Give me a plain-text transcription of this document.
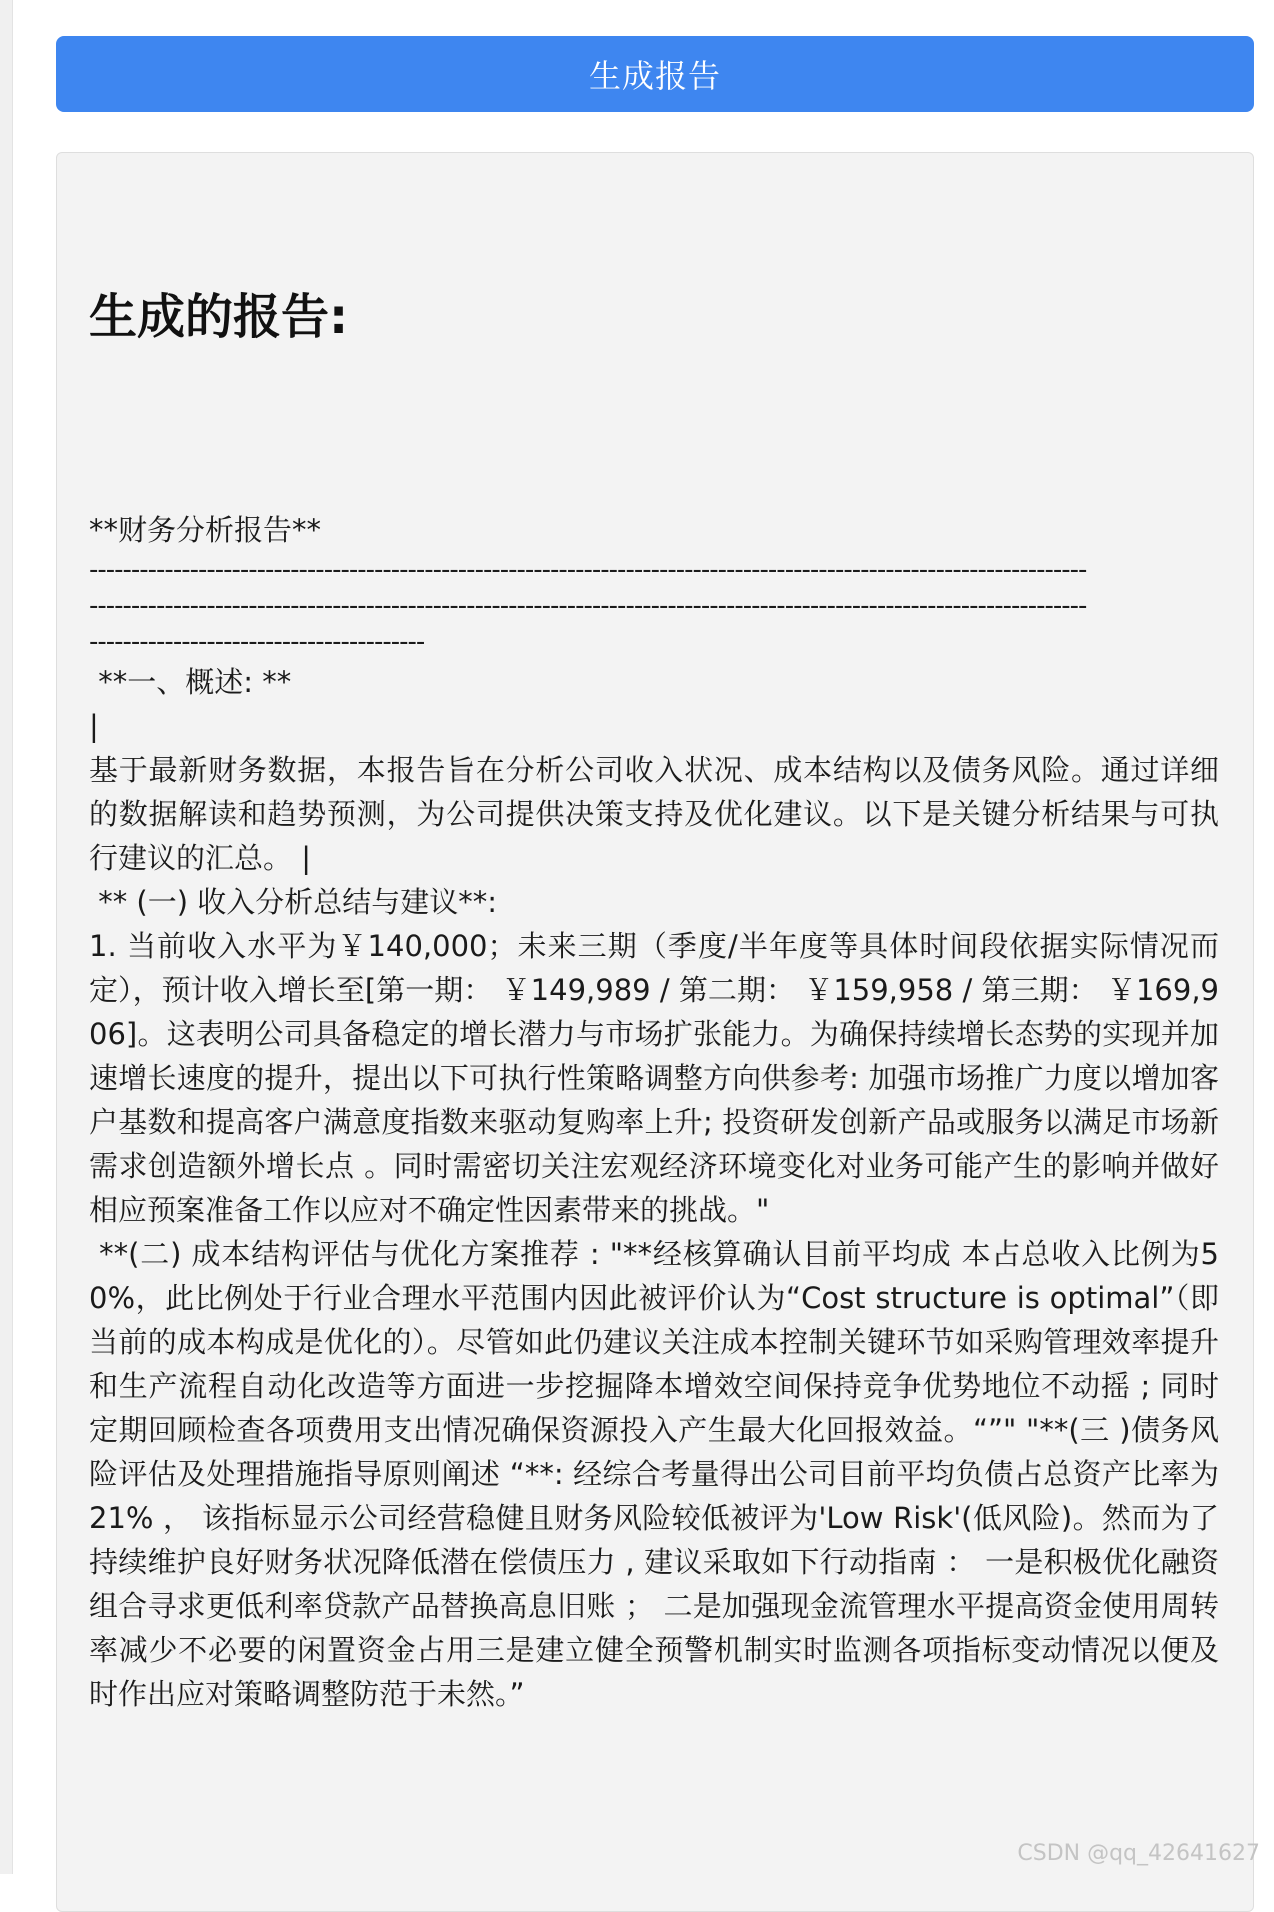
生成报告
生成的报告:
**财务分析报告**
-----------------------------------------------------------------------------------------------------------------------
-----------------------------------------------------------------------------------------------------------------------
----------------------------------------
**一、概述: **
|
基于最新财务数据，本报告旨在分析公司收入状况、成本结构以及债务风险。通过详细的数据解读和趋势预测，为公司提供决策支持及优化建议。以下是关键分析结果与可执行建议的汇总。 |
** (一) 收入分析总结与建议**:
1. 当前收入水平为￥140,000；未来三期（季度/半年度等具体时间段依据实际情况而定），预计收入增长至[第一期： ￥149,989 / 第二期： ￥159,958 / 第三期： ￥169,906]。这表明公司具备稳定的增长潜力与市场扩张能力。为确保持续增长态势的实现并加速增长速度的提升，提出以下可执行性策略调整方向供参考: 加强市场推广力度以增加客户基数和提高客户满意度指数来驱动复购率上升; 投资研发创新产品或服务以满足市场新需求创造额外增长点 。同时需密切关注宏观经济环境变化对业务可能产生的影响并做好相应预案准备工作以应对不确定性因素带来的挑战。"
**(二) 成本结构评估与优化方案推荐 : "**经核算确认目前平均成 本占总收入比例为50%，此比例处于行业合理水平范围内因此被评价认为“Cost structure is optimal”（即当前的成本构成是优化的）。尽管如此仍建议关注成本控制关键环节如采购管理效率提升和生产流程自动化改造等方面进一步挖掘降本增效空间保持竞争优势地位不动摇 ; 同时定期回顾检查各项费用支出情况确保资源投入产生最大化回报效益。“”" "**(三 )债务风险评估及处理措施指导原则阐述 “**: 经综合考量得出公司目前平均负债占总资产比率为21% ， 该指标显示公司经营稳健且财务风险较低被评为'Low Risk'(低风险)。然而为了持续维护良好财务状况降低潜在偿债压力 , 建议采取如下行动指南 ： 一是积极优化融资组合寻求更低利率贷款产品替换高息旧账 ； 二是加强现金流管理水平提高资金使用周转率减少不必要的闲置资金占用三是建立健全预警机制实时监测各项指标变动情况以便及时作出应对策略调整防范于未然。”
CSDN @qq_42641627
